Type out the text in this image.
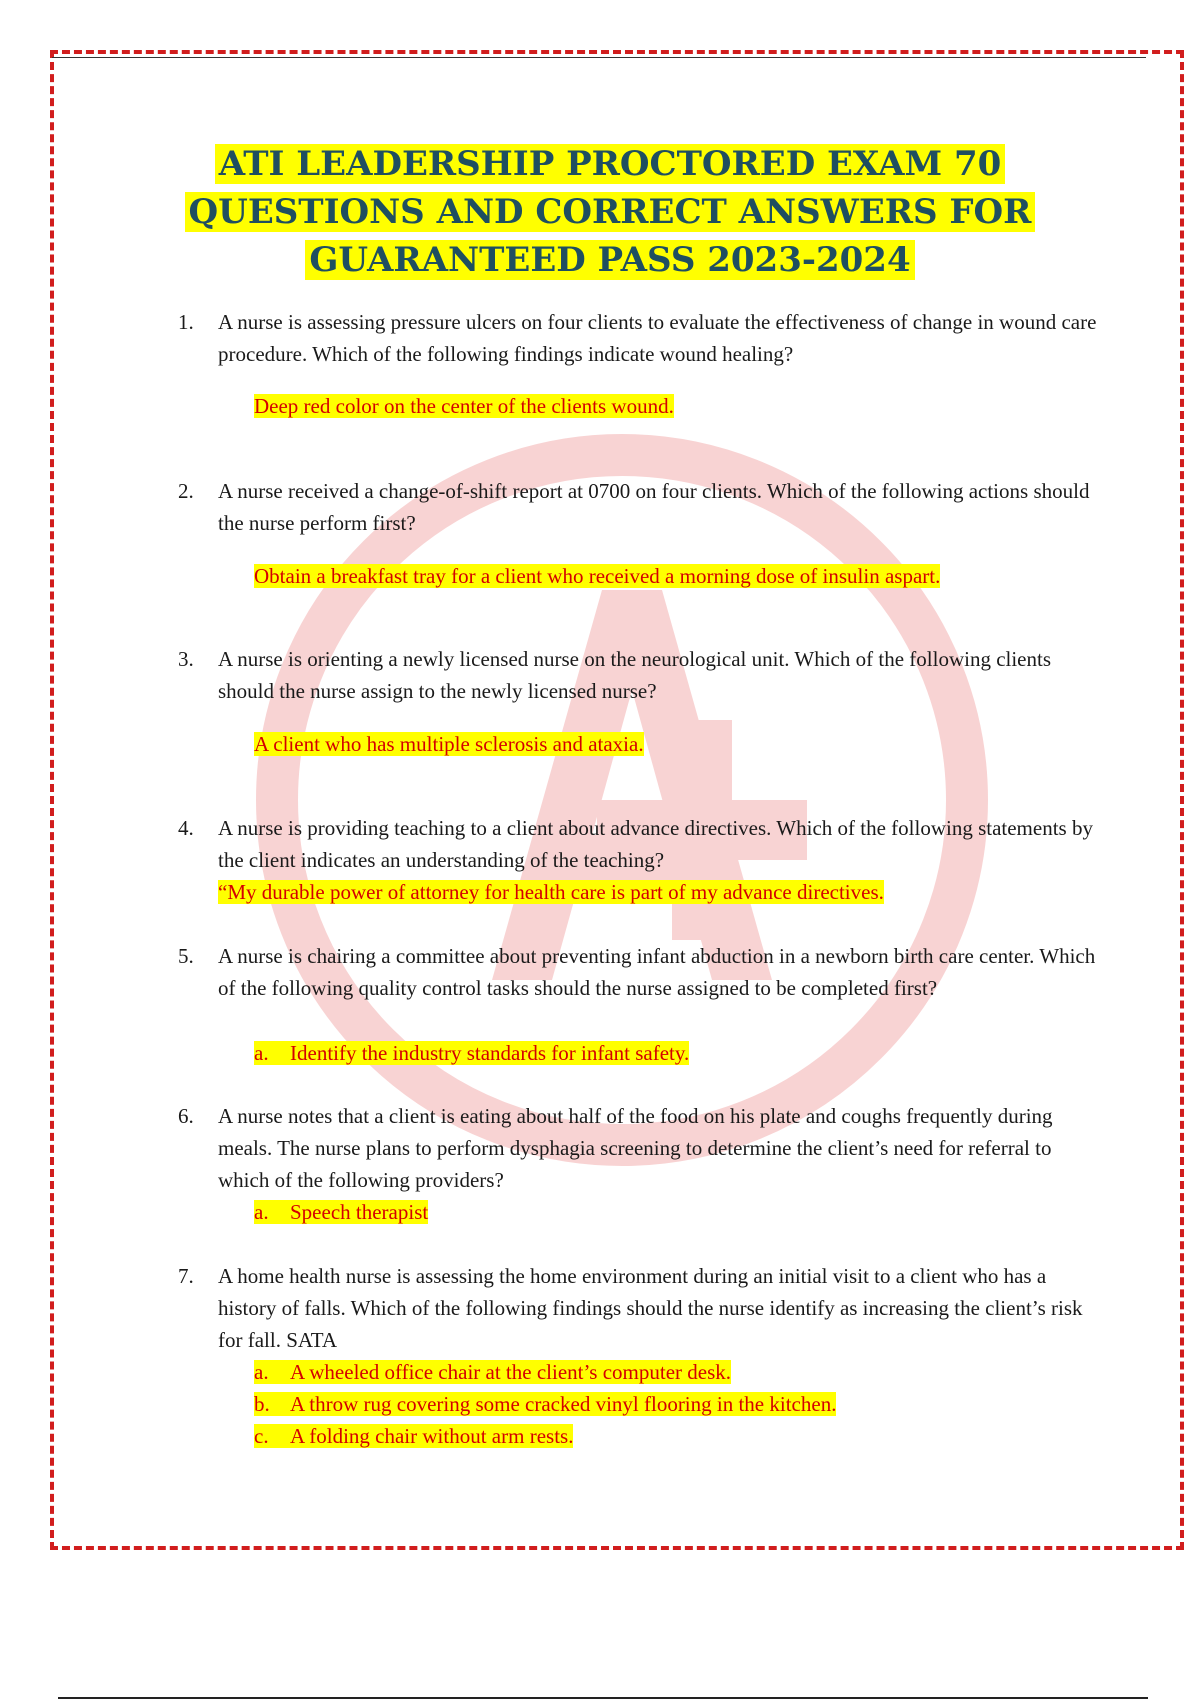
ATI LEADERSHIP PROCTORED EXAM 70
QUESTIONS AND CORRECT ANSWERS FOR
GUARANTEED PASS 2023-2024
1.	A nurse is assessing pressure ulcers on four clients to evaluate the effectiveness of change in wound care procedure. Which of the following findings indicate wound healing?
Deep red color on the center of the clients wound.
2.	A nurse received a change-of-shift report at 0700 on four clients. Which of the following actions should the nurse perform first?
Obtain a breakfast tray for a client who received a morning dose of insulin aspart.
3.	A nurse is orienting a newly licensed nurse on the neurological unit. Which of the following clients should the nurse assign to the newly licensed nurse?
A client who has multiple sclerosis and ataxia.
4.	A nurse is providing teaching to a client about advance directives. Which of the following statements by the client indicates an understanding of the teaching?
“My durable power of attorney for health care is part of my advance directives.
5.	A nurse is chairing a committee about preventing infant abduction in a newborn birth care center. Which of the following quality control tasks should the nurse assigned to be completed first?
a. Identify the industry standards for infant safety.
6.	A nurse notes that a client is eating about half of the food on his plate and coughs frequently during meals. The nurse plans to perform dysphagia screening to determine the client’s need for referral to which of the following providers?
a. Speech therapist
7.	A home health nurse is assessing the home environment during an initial visit to a client who has a history of falls. Which of the following findings should the nurse identify as increasing the client’s risk for fall. SATA
a. A wheeled office chair at the client’s computer desk.
b. A throw rug covering some cracked vinyl flooring in the kitchen.
c. A folding chair without arm rests.
